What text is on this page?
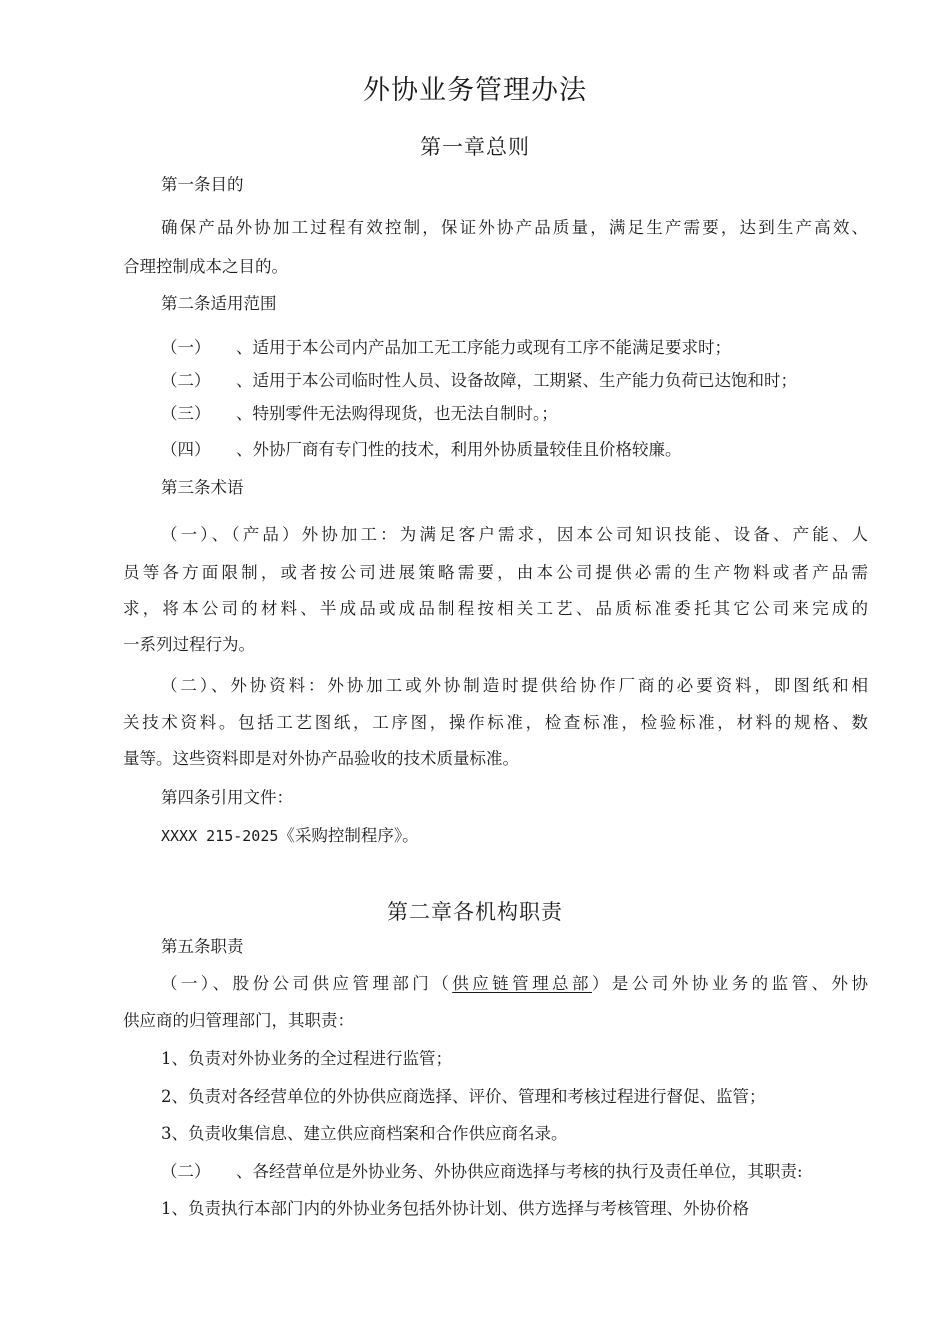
外协业务管理办法
第一章总则
第一条目的
确保产品外协加工过程有效控制，保证外协产品质量，满足生产需要，达到生产高效、
合理控制成本之目的。
第二条适用范围
（一） 、适用于本公司内产品加工无工序能力或现有工序不能满足要求时；
（二） 、适用于本公司临时性人员、设备故障，工期紧、生产能力负荷已达饱和时；
（三） 、特别零件无法购得现货，也无法自制时。；
（四） 、外协厂商有专门性的技术，利用外协质量较佳且价格较廉。
第三条术语
（一）、（产品）外协加工：为满足客户需求，因本公司知识技能、设备、产能、人
员等各方面限制，或者按公司进展策略需要，由本公司提供必需的生产物料或者产品需
求，将本公司的材料、半成品或成品制程按相关工艺、品质标准委托其它公司来完成的
一系列过程行为。
（二）、外协资料：外协加工或外协制造时提供给协作厂商的必要资料，即图纸和相
关技术资料。包括工艺图纸，工序图，操作标准，检查标准，检验标准，材料的规格、数
量等。这些资料即是对外协产品验收的技术质量标准。
第四条引用文件：
XXXX 215-2025《采购控制程序》。
第二章各机构职责
第五条职责
（一）、股份公司供应管理部门（供应链管理总部）是公司外协业务的监管、外协
供应商的归管理部门，其职责：
1、负责对外协业务的全过程进行监管；
2、负责对各经营单位的外协供应商选择、评价、管理和考核过程进行督促、监管；
3、负责收集信息、建立供应商档案和合作供应商名录。
（二） 、各经营单位是外协业务、外协供应商选择与考核的执行及责任单位，其职责:
1、负责执行本部门内的外协业务包括外协计划、供方选择与考核管理、外协价格
